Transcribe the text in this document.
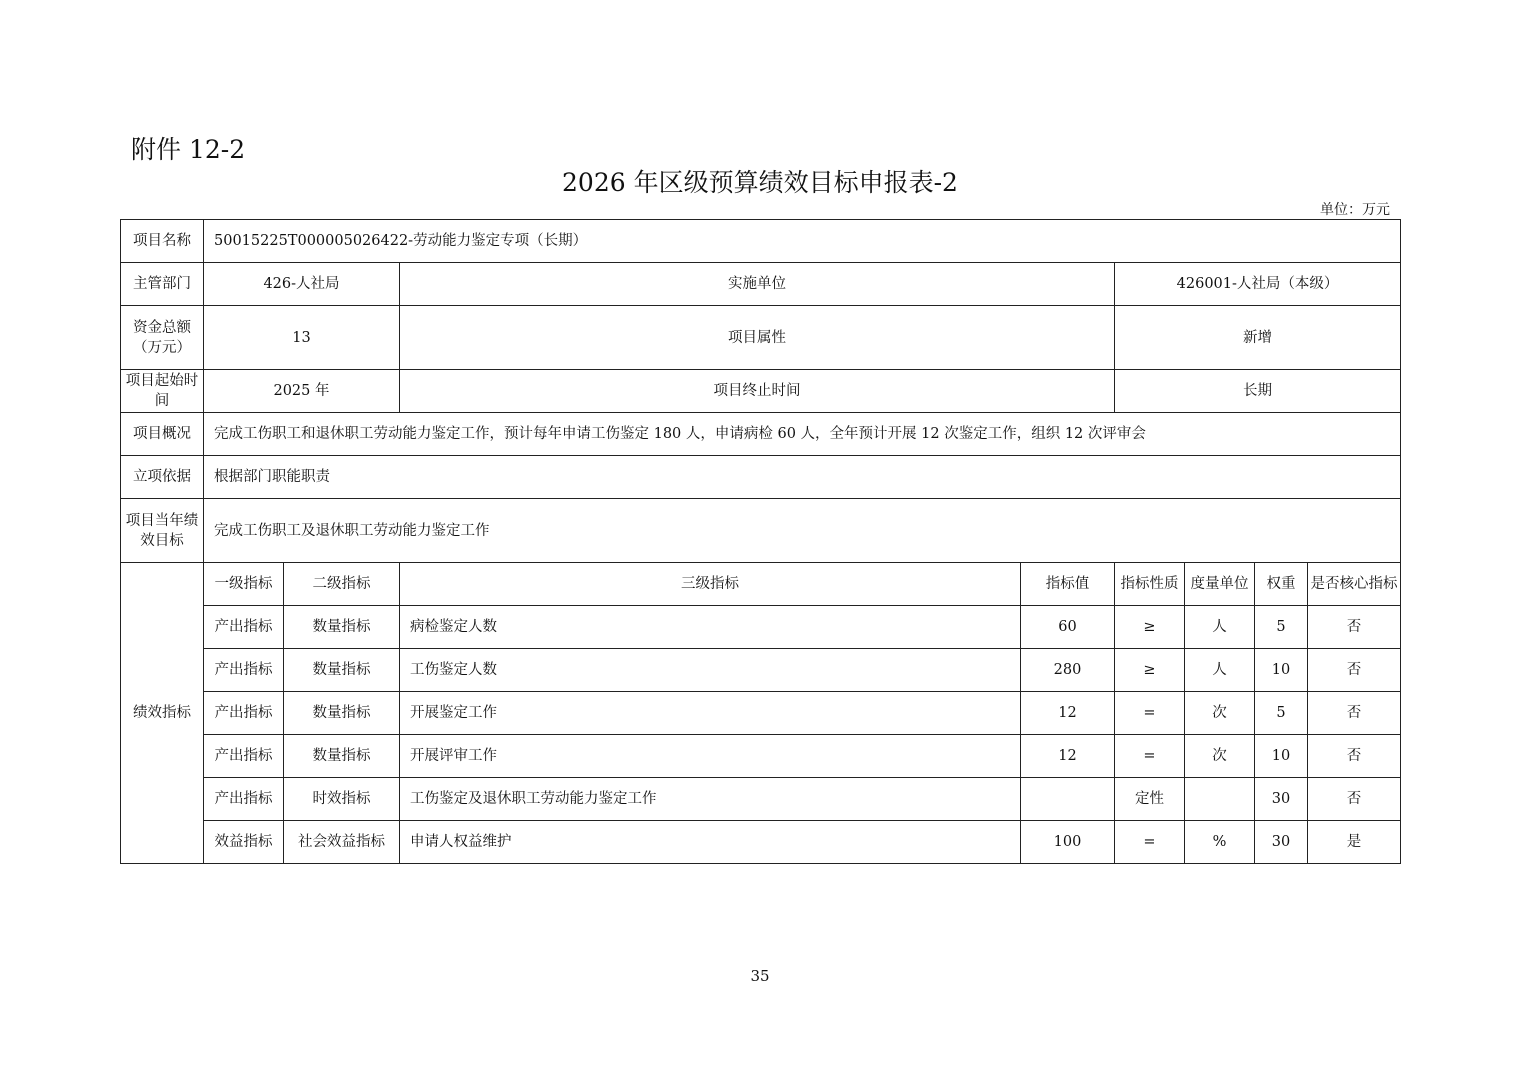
附件 12-2
2026 年区级预算绩效目标申报表-2
单位：万元
项目名称	50015225T000005026422-劳动能力鉴定专项（长期）							
主管部门	426-人社局		实施单位		426001-人社局（本级）			
资金总额（万元）	13		项目属性		新增			
项目起始时间	2025 年		项目终止时间		长期			
项目概况	完成工伤职工和退休职工劳动能力鉴定工作，预计每年申请工伤鉴定 180 人，申请病检 60 人，全年预计开展 12 次鉴定工作，组织 12 次评审会							
立项依据	根据部门职能职责							
项目当年绩效目标	完成工伤职工及退休职工劳动能力鉴定工作							
绩效指标	一级指标	二级指标	三级指标	指标值	指标性质	度量单位	权重	是否核心指标
	产出指标	数量指标	病检鉴定人数	60	≥	人	5	否
	产出指标	数量指标	工伤鉴定人数	280	≥	人	10	否
	产出指标	数量指标	开展鉴定工作	12	=	次	5	否
	产出指标	数量指标	开展评审工作	12	=	次	10	否
	产出指标	时效指标	工伤鉴定及退休职工劳动能力鉴定工作		定性		30	否
	效益指标	社会效益指标	申请人权益维护	100	=	%	30	是
35
